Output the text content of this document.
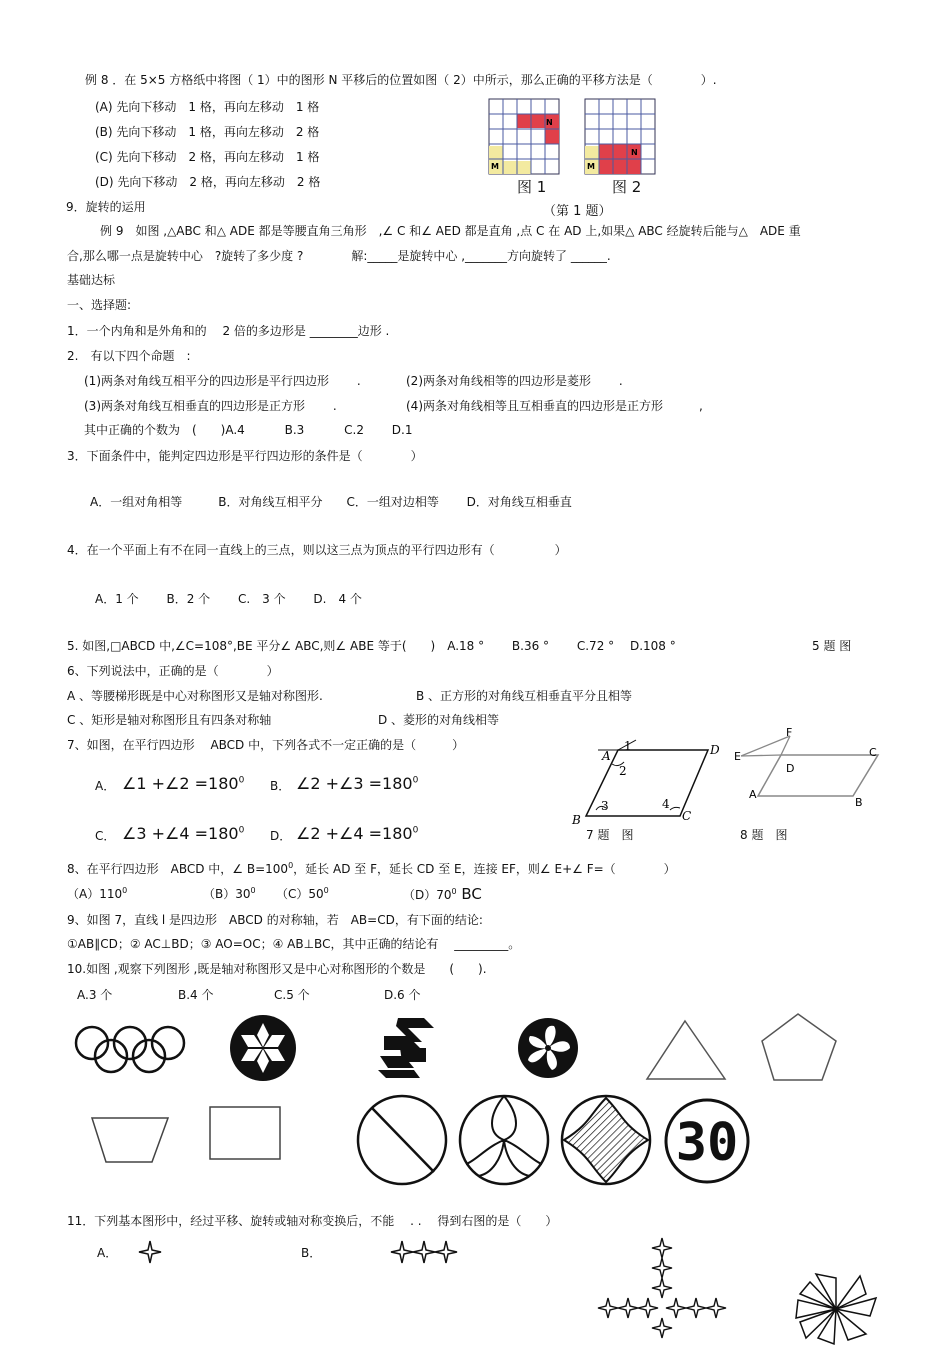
例 8 ．在 5×5 方格纸中将图（ 1）中的图形 N 平移后的位置如图（ 2）中所示，那么正确的平移方法是（　　　　）.
(A) 先向下移动　1 格，再向左移动　1 格
(B) 先向下移动　1 格，再向左移动　2 格
(C) 先向下移动　2 格，再向左移动　1 格
(D) 先向下移动　2 格，再向左移动　2 格
N
M
图 1
N
M
图 2
（第 1 题）
9．旋转的运用
例 9　如图 ,△ABC 和△ ADE 都是等腰直角三角形　,∠ C 和∠ AED 都是直角 ,点 C 在 AD 上,如果△ ABC 经旋转后能与△　ADE 重
合,那么哪一点是旋转中心　?旋转了多少度 ?　　　　解:_____是旋转中心 ,_______方向旋转了 ______.
基础达标
一、选择题:
1．一个内角和是外角和的　 2 倍的多边形是 ________边形 .
2.　有以下四个命题　:
(1)两条对角线互相平分的四边形是平行四边形　　 .	(2)两条对角线相等的四边形是菱形　　 .
(3)两条对角线互相垂直的四边形是正方形　　 .	(4)两条对角线相等且互相垂直的四边形是正方形　　　,
其中正确的个数为　(　　)A.4　　　 B.3　　　 C.2　　 D.1
3．下面条件中，能判定四边形是平行四边形的条件是（　　　　）
A．一组对角相等　　　B．对角线互相平分　　C．一组对边相等　　 D．对角线互相垂直
4．在一个平面上有不在同一直线上的三点，则以这三点为顶点的平行四边形有（　　　　　）
A．1 个　　 B．2 个　　 C.　3 个　　 D.　4 个
5. 如图,□ABCD 中,∠C=108°,BE 平分∠ ABC,则∠ ABE 等于(　　)　A.18 °　　 B.36 °　　 C.72 °　 D.108 °	5 题 图
6、下列说法中，正确的是（　　　　）
A 、等腰梯形既是中心对称图形又是轴对称图形.	B 、正方形的对角线互相垂直平分且相等
C 、矩形是轴对称图形且有四条对称轴	D 、菱形的对角线相等
7、如图，在平行四边形　 ABCD 中，下列各式不一定正确的是（　　　）
A． ∠1 +∠2 $=180^0$ B． ∠2 +∠3 $=180^0$
C． ∠3 +∠4 $=180^0$ D． ∠2 +∠4 $=180^0$
A	D
B	C
1
2
3	4
7 题　图
E
F
C
D
A
B
8 题　图
8、在平行四边形　ABCD 中，∠ $B=100^0$，延长 AD 至 F，延长 CD 至 E，连接 EF，则∠ E+∠ F=（　　　　）
$(A)110^0$	$(B)30^0$ $(C)50^0$	$(D)70^0$ BC
9、如图 7，直线 l 是四边形　ABCD 的对称轴，若　AB=CD，有下面的结论:
①AB∥CD；② AC⊥BD；③ AO=OC；④ AB⊥BC，其中正确的结论有　 _________。
10.如图 ,观察下列图形 ,既是轴对称图形又是中心对称图形的个数是　　(　　).
A.3 个	B.4 个	C.5 个	D.6 个
30
11．下列基本图形中，经过平移、旋转或轴对称变换后，不能　 . . 　得到右图的是（　　）
A．	B．
